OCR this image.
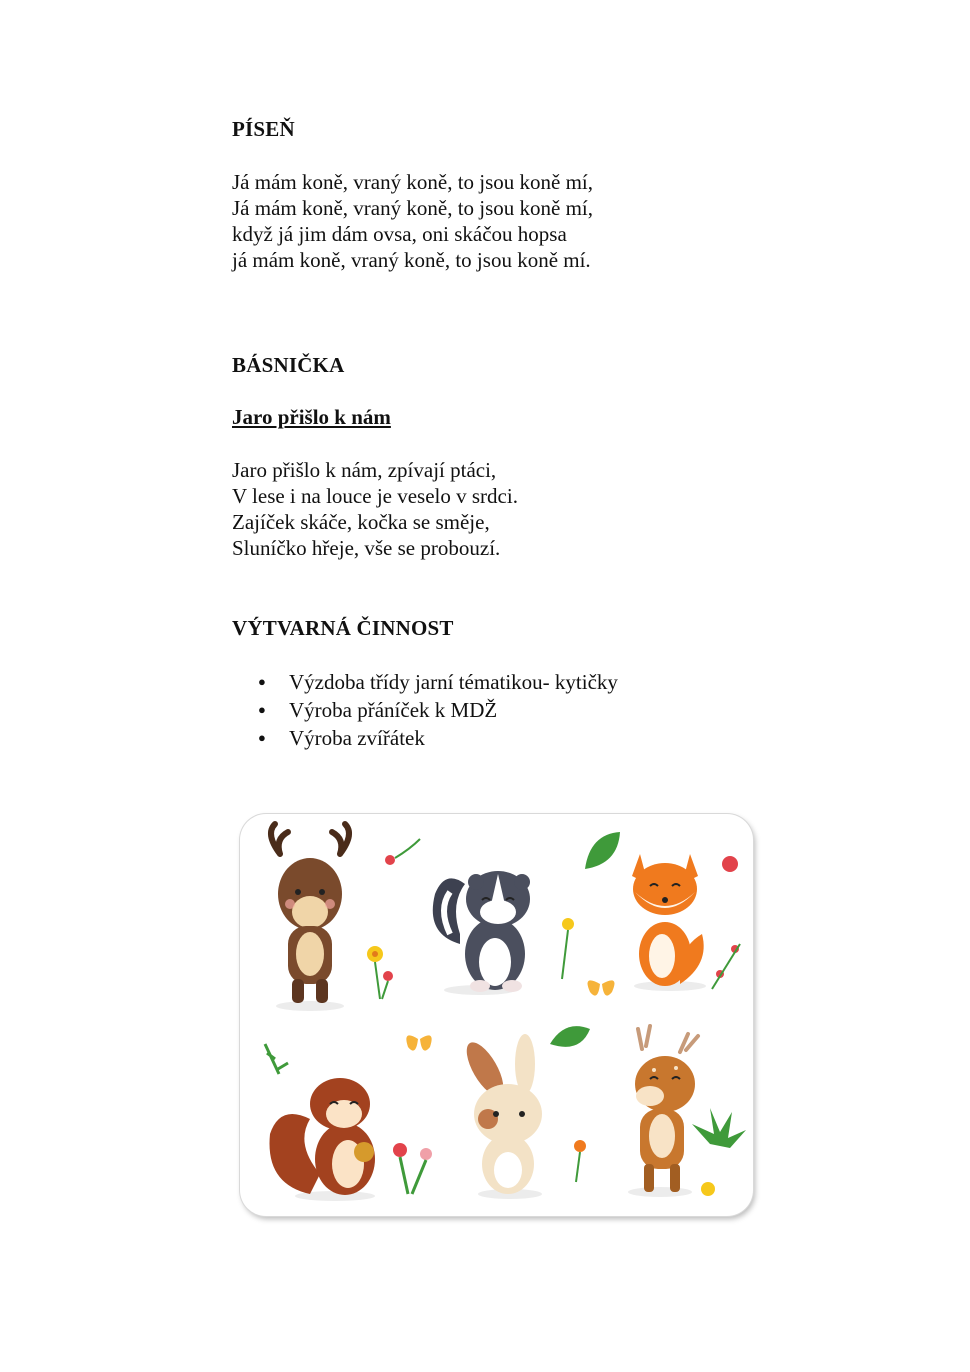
PÍSEŇ
Já mám koně, vraný koně, to jsou koně mí,
Já mám koně, vraný koně, to jsou koně mí,
když já jim dám ovsa, oni skáčou hopsa
já mám koně, vraný koně, to jsou koně mí.
BÁSNIČKA
Jaro přišlo k nám
Jaro přišlo k nám, zpívají ptáci,
V lese i na louce je veselo v srdci.
Zajíček skáče, kočka se směje,
Sluníčko hřeje, vše se probouzí.
VÝTVARNÁ ČINNOST
● Výzdoba třídy jarní tématikou- kytičky
● Výroba přáníček k MDŽ
● Výroba zvířátek
